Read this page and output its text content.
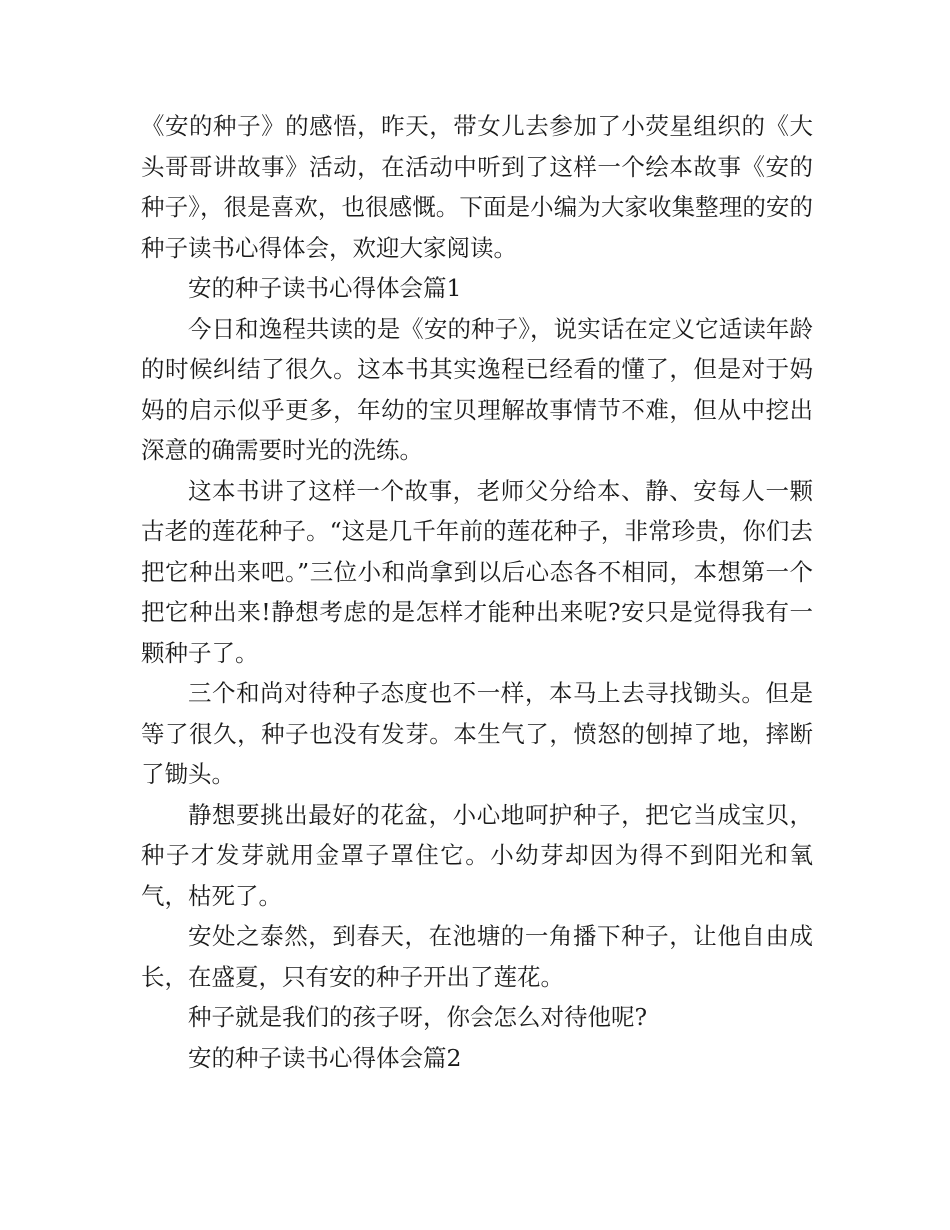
《安的种子》的感悟，昨天，带女儿去参加了小荧星组织的《大头哥哥讲故事》活动，在活动中听到了这样一个绘本故事《安的种子》，很是喜欢，也很感慨。下面是小编为大家收集整理的安的种子读书心得体会，欢迎大家阅读。

安的种子读书心得体会篇1

今日和逸程共读的是《安的种子》，说实话在定义它适读年龄的时候纠结了很久。这本书其实逸程已经看的懂了，但是对于妈妈的启示似乎更多，年幼的宝贝理解故事情节不难，但从中挖出深意的确需要时光的洗练。

这本书讲了这样一个故事，老师父分给本、静、安每人一颗古老的莲花种子。“这是几千年前的莲花种子，非常珍贵，你们去把它种出来吧。”三位小和尚拿到以后心态各不相同，本想第一个把它种出来!静想考虑的是怎样才能种出来呢?安只是觉得我有一颗种子了。

三个和尚对待种子态度也不一样，本马上去寻找锄头。但是等了很久，种子也没有发芽。本生气了，愤怒的刨掉了地，摔断了锄头。

静想要挑出最好的花盆，小心地呵护种子，把它当成宝贝，种子才发芽就用金罩子罩住它。小幼芽却因为得不到阳光和氧气，枯死了。

安处之泰然，到春天，在池塘的一角播下种子，让他自由成长，在盛夏，只有安的种子开出了莲花。

种子就是我们的孩子呀，你会怎么对待他呢?

安的种子读书心得体会篇2
